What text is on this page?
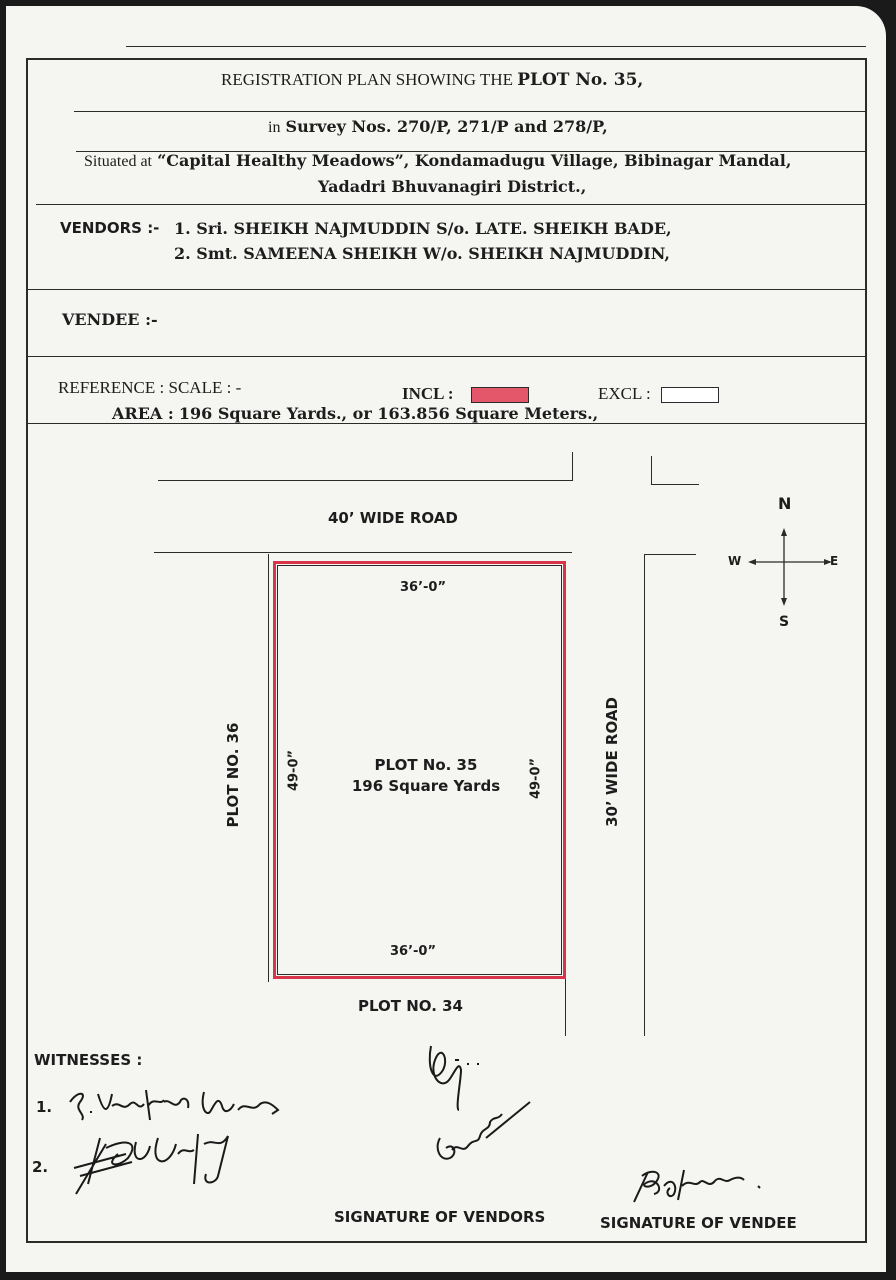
REGISTRATION PLAN SHOWING THE PLOT No. 35,
in Survey Nos. 270/P, 271/P and 278/P,
Situated at “Capital Healthy Meadows”, Kondamadugu Village, Bibinagar Mandal,
Yadadri Bhuvanagiri District.,
VENDORS :- 1. Sri. SHEIKH NAJMUDDIN S/o. LATE. SHEIKH BADE,
2. Smt. SAMEENA SHEIKH W/o. SHEIKH NAJMUDDIN,
VENDEE :-
REFERENCE : SCALE : -	INCL :	EXCL :
AREA : 196 Square Yards., or 163.856 Square Meters.,
40’ WIDE ROAD
36’-0”
36’-0”
PLOT No. 35
196 Square Yards
PLOT NO. 34
PLOT NO. 36	49-0”	49-0”	30’ WIDE ROAD
N
S
W	E
WITNESSES :
1.
2.
SIGNATURE OF VENDORS	SIGNATURE OF VENDEE
